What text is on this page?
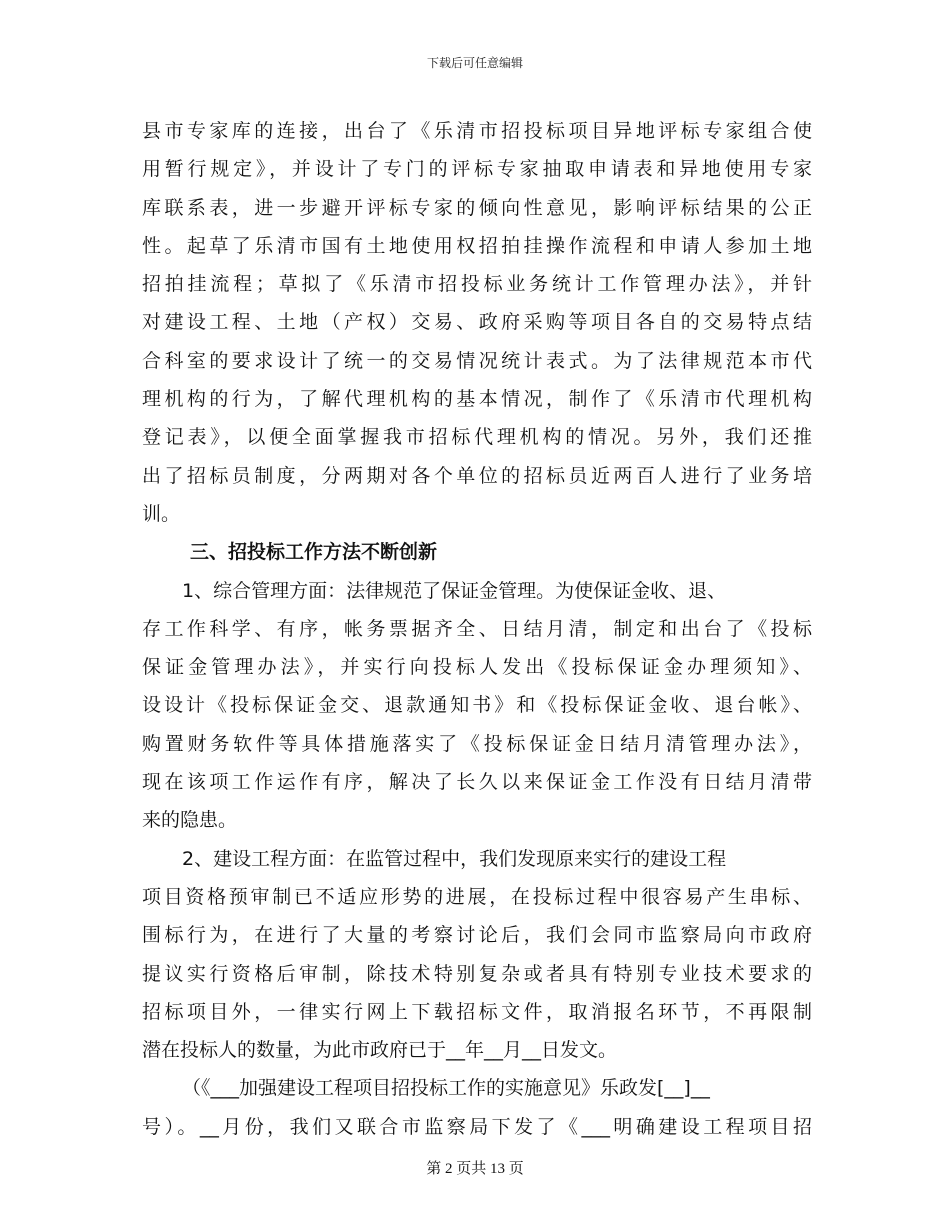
下载后可任意编辑
县市专家库的连接，出台了《乐清市招投标项目异地评标专家组合使
用暂行规定》，并设计了专门的评标专家抽取申请表和异地使用专家
库联系表，进一步避开评标专家的倾向性意见，影响评标结果的公正
性。起草了乐清市国有土地使用权招拍挂操作流程和申请人参加土地
招拍挂流程；草拟了《乐清市招投标业务统计工作管理办法》，并针
对建设工程、土地（产权）交易、政府采购等项目各自的交易特点结
合科室的要求设计了统一的交易情况统计表式。为了法律规范本市代
理机构的行为，了解代理机构的基本情况，制作了《乐清市代理机构
登记表》，以便全面掌握我市招标代理机构的情况。另外，我们还推
出了招标员制度，分两期对各个单位的招标员近两百人进行了业务培
训。
三、招投标工作方法不断创新
1、综合管理方面：法律规范了保证金管理。为使保证金收、退、
存工作科学、有序，帐务票据齐全、日结月清，制定和出台了《投标
保证金管理办法》，并实行向投标人发出《投标保证金办理须知》、
设设计《投标保证金交、退款通知书》和《投标保证金收、退台帐》、
购置财务软件等具体措施落实了《投标保证金日结月清管理办法》，
现在该项工作运作有序，解决了长久以来保证金工作没有日结月清带
来的隐患。
2、建设工程方面：在监管过程中，我们发现原来实行的建设工程
项目资格预审制已不适应形势的进展，在投标过程中很容易产生串标、
围标行为，在进行了大量的考察讨论后，我们会同市监察局向市政府
提议实行资格后审制，除技术特别复杂或者具有特别专业技术要求的
招标项目外，一律实行网上下载招标文件，取消报名环节，不再限制
潜在投标人的数量，为此市政府已于__年__月__日发文。
（《___加强建设工程项目招投标工作的实施意见》乐政发[__]__
号）。__月份，我们又联合市监察局下发了《___明确建设工程项目招
第 2 页共 13 页
